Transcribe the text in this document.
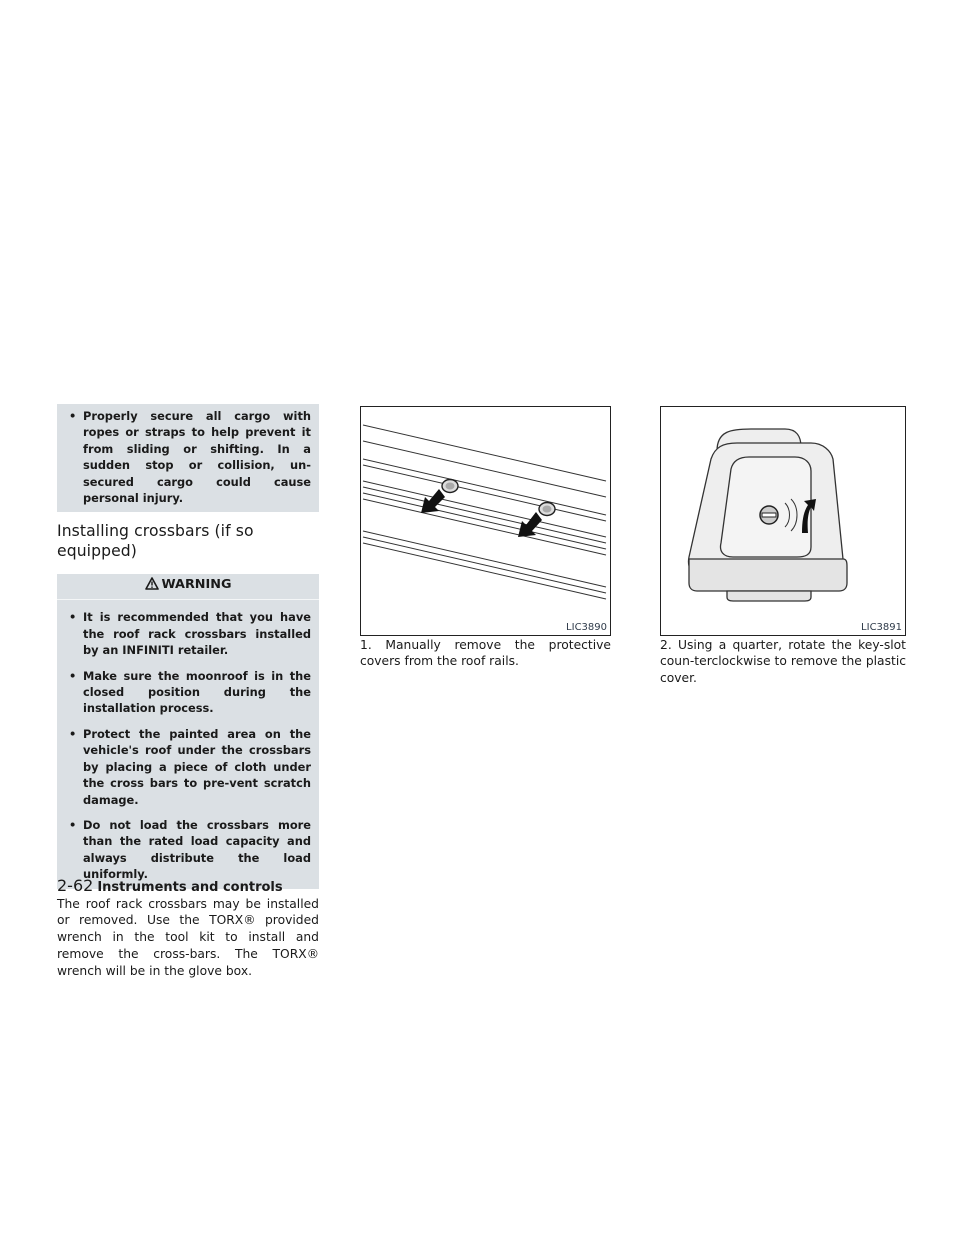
• Properly secure all cargo with ropes or straps to help prevent it from sliding or shifting. In a sudden stop or collision, un-secured cargo could cause personal injury.
Installing crossbars (if so equipped)
WARNING
• It is recommended that you have the roof rack crossbars installed by an INFINITI retailer.
• Make sure the moonroof is in the closed position during the installation process.
• Protect the painted area on the vehicle's roof under the crossbars by placing a piece of cloth under the cross bars to pre-vent scratch damage.
• Do not load the crossbars more than the rated load capacity and always distribute the load uniformly.

The roof rack crossbars may be installed or removed. Use the TORX® provided wrench in the tool kit to install and remove the cross-bars. The TORX® wrench will be in the glove box.

LIC3890
1. Manually remove the protective covers from the roof rails.
LIC3891
2. Using a quarter, rotate the key-slot coun-terclockwise to remove the plastic cover.
2-62 Instruments and controls
